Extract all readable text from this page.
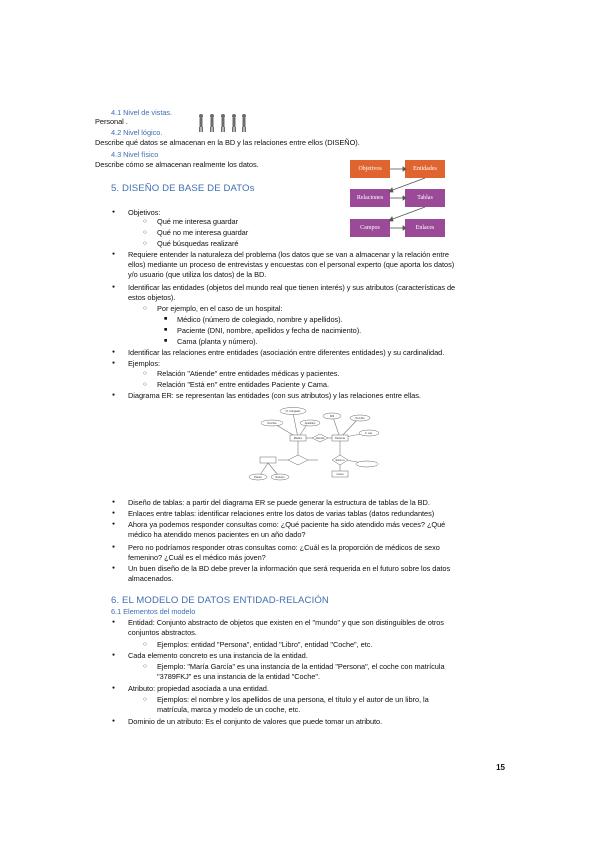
4.1 Nivel de vistas.
Personal .
4.2 Nivel lógico.
Describe qué datos se almacenan en la BD y las relaciones entre ellos (DISEÑO).
4.3 Nivel físico
Describe cómo se almacenan realmente los datos.	Objetivos	Entidades
Relaciones	Tablas
Campos	Enlaces
5. DISEÑO DE BASE DE DATOs
● Objetivos:
○ Qué me interesa guardar
○ Qué no me interesa guardar
○ Qué búsquedas realizaré
● Requiere entender la naturaleza del problema (los datos que se van a almacenar y la relación entre
ellos) mediante un proceso de entrevistas y encuestas con el personal experto (que aporta los datos)
y/o usuario (que utiliza los datos) de la BD.
● Identificar las entidades (objetos del mundo real que tienen interés) y sus atributos (características de
estos objetos).
○ Por ejemplo, en el caso de un hospital:
■ Médico (número de colegiado, nombre y apellidos).
■ Paciente (DNI, nombre, apellidos y fecha de nacimiento).
■ Cama (planta y número).
● Identificar las relaciones entre entidades (asociación entre diferentes entidades) y su cardinalidad.
● Ejemplos:
○ Relación "Atiende" entre entidades médicas y pacientes.
○ Relación "Está en" entre entidades Paciente y Cama.
● Diagrama ER: se representan las entidades (con sus atributos) y las relaciones entre ellas.
Médico	Paciente
Atiende
Está en
Cama
Nº colegiado
Nombre	Apellidos
DNI
Nombre
F. nac.
Planta	Número
● Diseño de tablas: a partir del diagrama ER se puede generar la estructura de tablas de la BD.
● Enlaces entre tablas: identificar relaciones entre los datos de varias tablas (datos redundantes)
● Ahora ya podemos responder consultas como: ¿Qué paciente ha sido atendido más veces? ¿Qué
médico ha atendido menos pacientes en un año dado?
● Pero no podríamos responder otras consultas como: ¿Cuál es la proporción de médicos de sexo
femenino? ¿Cuál es el médico más joven?
● Un buen diseño de la BD debe prever la información que será requerida en el futuro sobre los datos
almacenados.
6. EL MODELO DE DATOS ENTIDAD-RELACIÓN
6.1 Elementos del modelo
● Entidad: Conjunto abstracto de objetos que existen en el "mundo" y que son distinguibles de otros
conjuntos abstractos.
○ Ejemplos: entidad "Persona", entidad "Libro", entidad "Coche", etc.
● Cada elemento concreto es una instancia de la entidad.
○ Ejemplo: "María García" es una instancia de la entidad "Persona", el coche con matrícula
"3789FKJ" es una instancia de la entidad "Coche".
● Atributo: propiedad asociada a una entidad.
○ Ejemplos: el nombre y los apellidos de una persona, el título y el autor de un libro, la
matrícula, marca y modelo de un coche, etc.
● Dominio de un atributo: Es el conjunto de valores que puede tomar un atributo.
15
